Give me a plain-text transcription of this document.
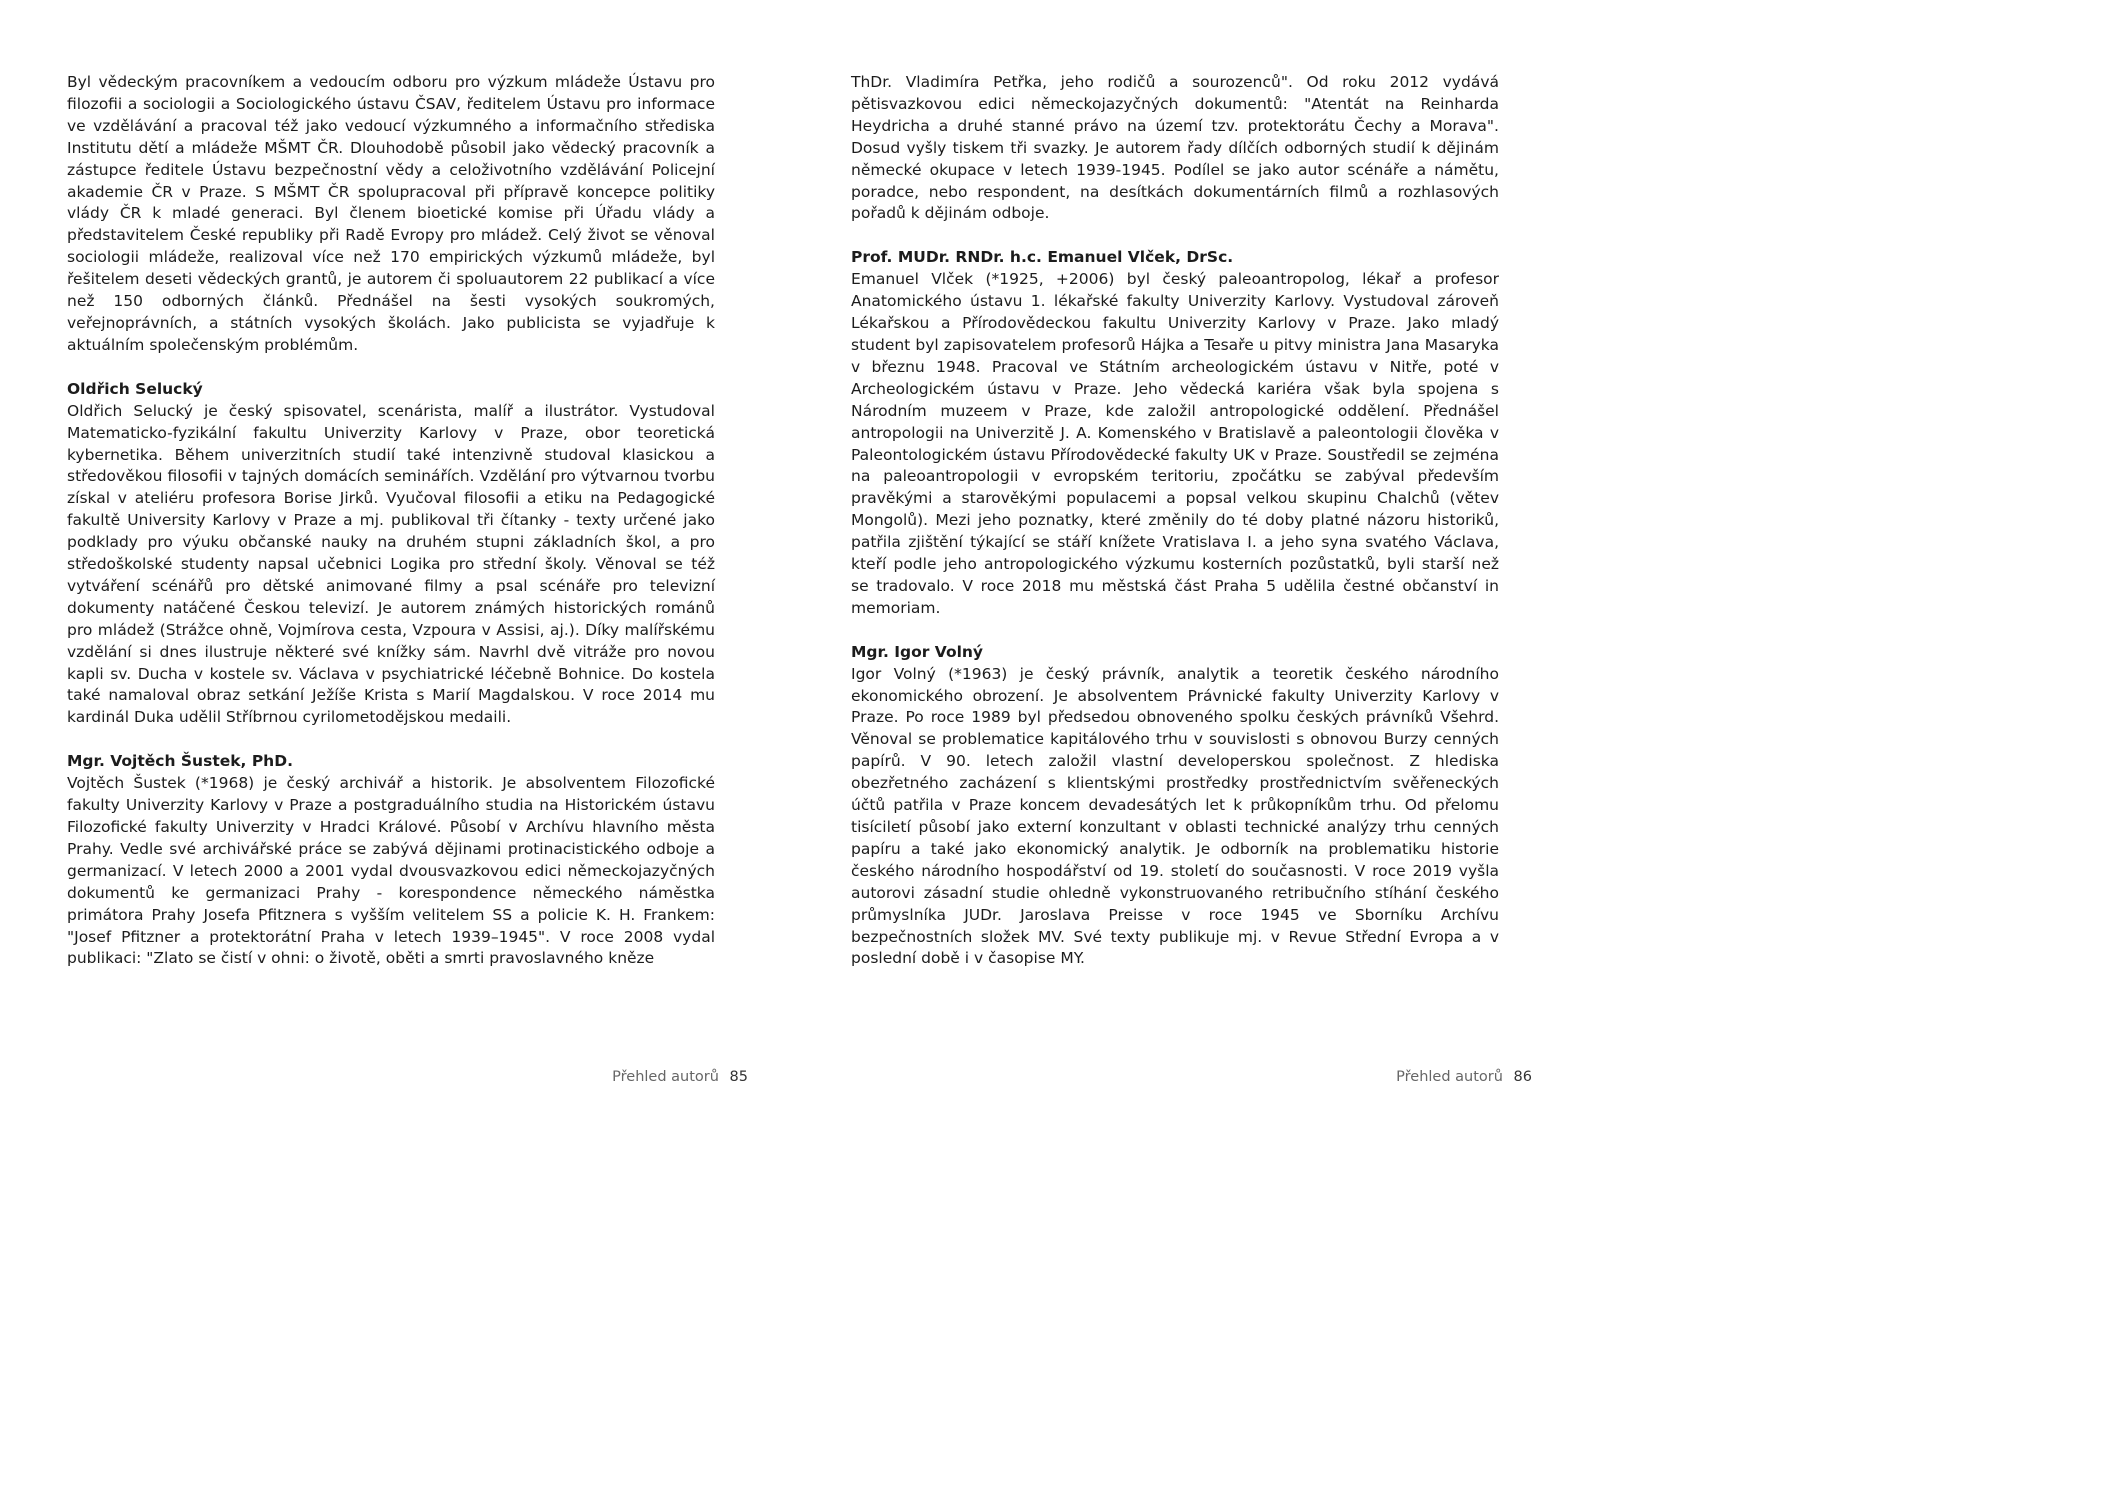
Byl vědeckým pracovníkem a vedoucím odboru pro výzkum mládeže Ústavu pro filozofii a sociologii a Sociologického ústavu ČSAV, ředitelem Ústavu pro informace ve vzdělávání a pracoval též jako vedoucí výzkumného a informačního střediska Institutu dětí a mládeže MŠMT ČR. Dlouhodobě působil jako vědecký pracovník a zástupce ředitele Ústavu bezpečnostní vědy a celoživotního vzdělávání Policejní akademie ČR v Praze. S MŠMT ČR spolupracoval při přípravě koncepce politiky vlády ČR k mladé generaci. Byl členem bioetické komise při Úřadu vlády a představitelem České republiky při Radě Evropy pro mládež. Celý život se věnoval sociologii mládeže, realizoval více než 170 empirických výzkumů mládeže, byl řešitelem deseti vědeckých grantů, je autorem či spoluautorem 22 publikací a více než 150 odborných článků. Přednášel na šesti vysokých soukromých, veřejnoprávních, a státních vysokých školách. Jako publicista se vyjadřuje k aktuálním společenským problémům.

Oldřich Selucký

Oldřich Selucký je český spisovatel, scenárista, malíř a ilustrátor. Vystudoval Matematicko-fyzikální fakultu Univerzity Karlovy v Praze, obor teoretická kybernetika. Během univerzitních studií také intenzivně studoval klasickou a středověkou filosofii v tajných domácích seminářích. Vzdělání pro výtvarnou tvorbu získal v ateliéru profesora Borise Jirků. Vyučoval filosofii a etiku na Pedagogické fakultě University Karlovy v Praze a mj. publikoval tři čítanky - texty určené jako podklady pro výuku občanské nauky na druhém stupni základních škol, a pro středoškolské studenty napsal učebnici Logika pro střední školy. Věnoval se též vytváření scénářů pro dětské animované filmy a psal scénáře pro televizní dokumenty natáčené Českou televizí. Je autorem známých historických románů pro mládež (Strážce ohně, Vojmírova cesta, Vzpoura v Assisi, aj.). Díky malířskému vzdělání si dnes ilustruje některé své knížky sám. Navrhl dvě vitráže pro novou kapli sv. Ducha v kostele sv. Václava v psychiatrické léčebně Bohnice. Do kostela také namaloval obraz setkání Ježíše Krista s Marií Magdalskou. V roce 2014 mu kardinál Duka udělil Stříbrnou cyrilometodějskou medaili.

Mgr. Vojtěch Šustek, PhD.

Vojtěch Šustek (*1968) je český archivář a historik. Je absolventem Filozofické fakulty Univerzity Karlovy v Praze a postgraduálního studia na Historickém ústavu Filozofické fakulty Univerzity v Hradci Králové. Působí v Archívu hlavního města Prahy. Vedle své archivářské práce se zabývá dějinami protinacistického odboje a germanizací. V letech 2000 a 2001 vydal dvousvazkovou edici německojazyčných dokumentů ke germanizaci Prahy - korespondence německého náměstka primátora Prahy Josefa Pfitznera s vyšším velitelem SS a policie K. H. Frankem: "Josef Pfitzner a protektorátní Praha v letech 1939–1945". V roce 2008 vydal publikaci: "Zlato se čistí v ohni: o životě, oběti a smrti pravoslavného kněze

Přehled autorů 85

ThDr. Vladimíra Petřka, jeho rodičů a sourozenců". Od roku 2012 vydává pětisvazkovou edici německojazyčných dokumentů: "Atentát na Reinharda Heydricha a druhé stanné právo na území tzv. protektorátu Čechy a Morava". Dosud vyšly tiskem tři svazky. Je autorem řady dílčích odborných studií k dějinám německé okupace v letech 1939-1945. Podílel se jako autor scénáře a námětu, poradce, nebo respondent, na desítkách dokumentárních filmů a rozhlasových pořadů k dějinám odboje.

Prof. MUDr. RNDr. h.c. Emanuel Vlček, DrSc.

Emanuel Vlček (*1925, +2006) byl český paleoantropolog, lékař a profesor Anatomického ústavu 1. lékařské fakulty Univerzity Karlovy. Vystudoval zároveň Lékařskou a Přírodovědeckou fakultu Univerzity Karlovy v Praze. Jako mladý student byl zapisovatelem profesorů Hájka a Tesaře u pitvy ministra Jana Masaryka v březnu 1948. Pracoval ve Státním archeologickém ústavu v Nitře, poté v Archeologickém ústavu v Praze. Jeho vědecká kariéra však byla spojena s Národním muzeem v Praze, kde založil antropologické oddělení. Přednášel antropologii na Univerzitě J. A. Komenského v Bratislavě a paleontologii člověka v Paleontologickém ústavu Přírodovědecké fakulty UK v Praze. Soustředil se zejména na paleoantropologii v evropském teritoriu, zpočátku se zabýval především pravěkými a starověkými populacemi a popsal velkou skupinu Chalchů (větev Mongolů). Mezi jeho poznatky, které změnily do té doby platné názoru historiků, patřila zjištění týkající se stáří knížete Vratislava I. a jeho syna svatého Václava, kteří podle jeho antropologického výzkumu kosterních pozůstatků, byli starší než se tradovalo. V roce 2018 mu městská část Praha 5 udělila čestné občanství in memoriam.

Mgr. Igor Volný

Igor Volný (*1963) je český právník, analytik a teoretik českého národního ekonomického obrození. Je absolventem Právnické fakulty Univerzity Karlovy v Praze. Po roce 1989 byl předsedou obnoveného spolku českých právníků Všehrd. Věnoval se problematice kapitálového trhu v souvislosti s obnovou Burzy cenných papírů. V 90. letech založil vlastní developerskou společnost. Z hlediska obezřetného zacházení s klientskými prostředky prostřednictvím svěřeneckých účtů patřila v Praze koncem devadesátých let k průkopníkům trhu. Od přelomu tisíciletí působí jako externí konzultant v oblasti technické analýzy trhu cenných papíru a také jako ekonomický analytik. Je odborník na problematiku historie českého národního hospodářství od 19. století do současnosti. V roce 2019 vyšla autorovi zásadní studie ohledně vykonstruovaného retribučního stíhání českého průmyslníka JUDr. Jaroslava Preisse v roce 1945 ve Sborníku Archívu bezpečnostních složek MV. Své texty publikuje mj. v Revue Střední Evropa a v poslední době i v časopise MY.

Přehled autorů 86
